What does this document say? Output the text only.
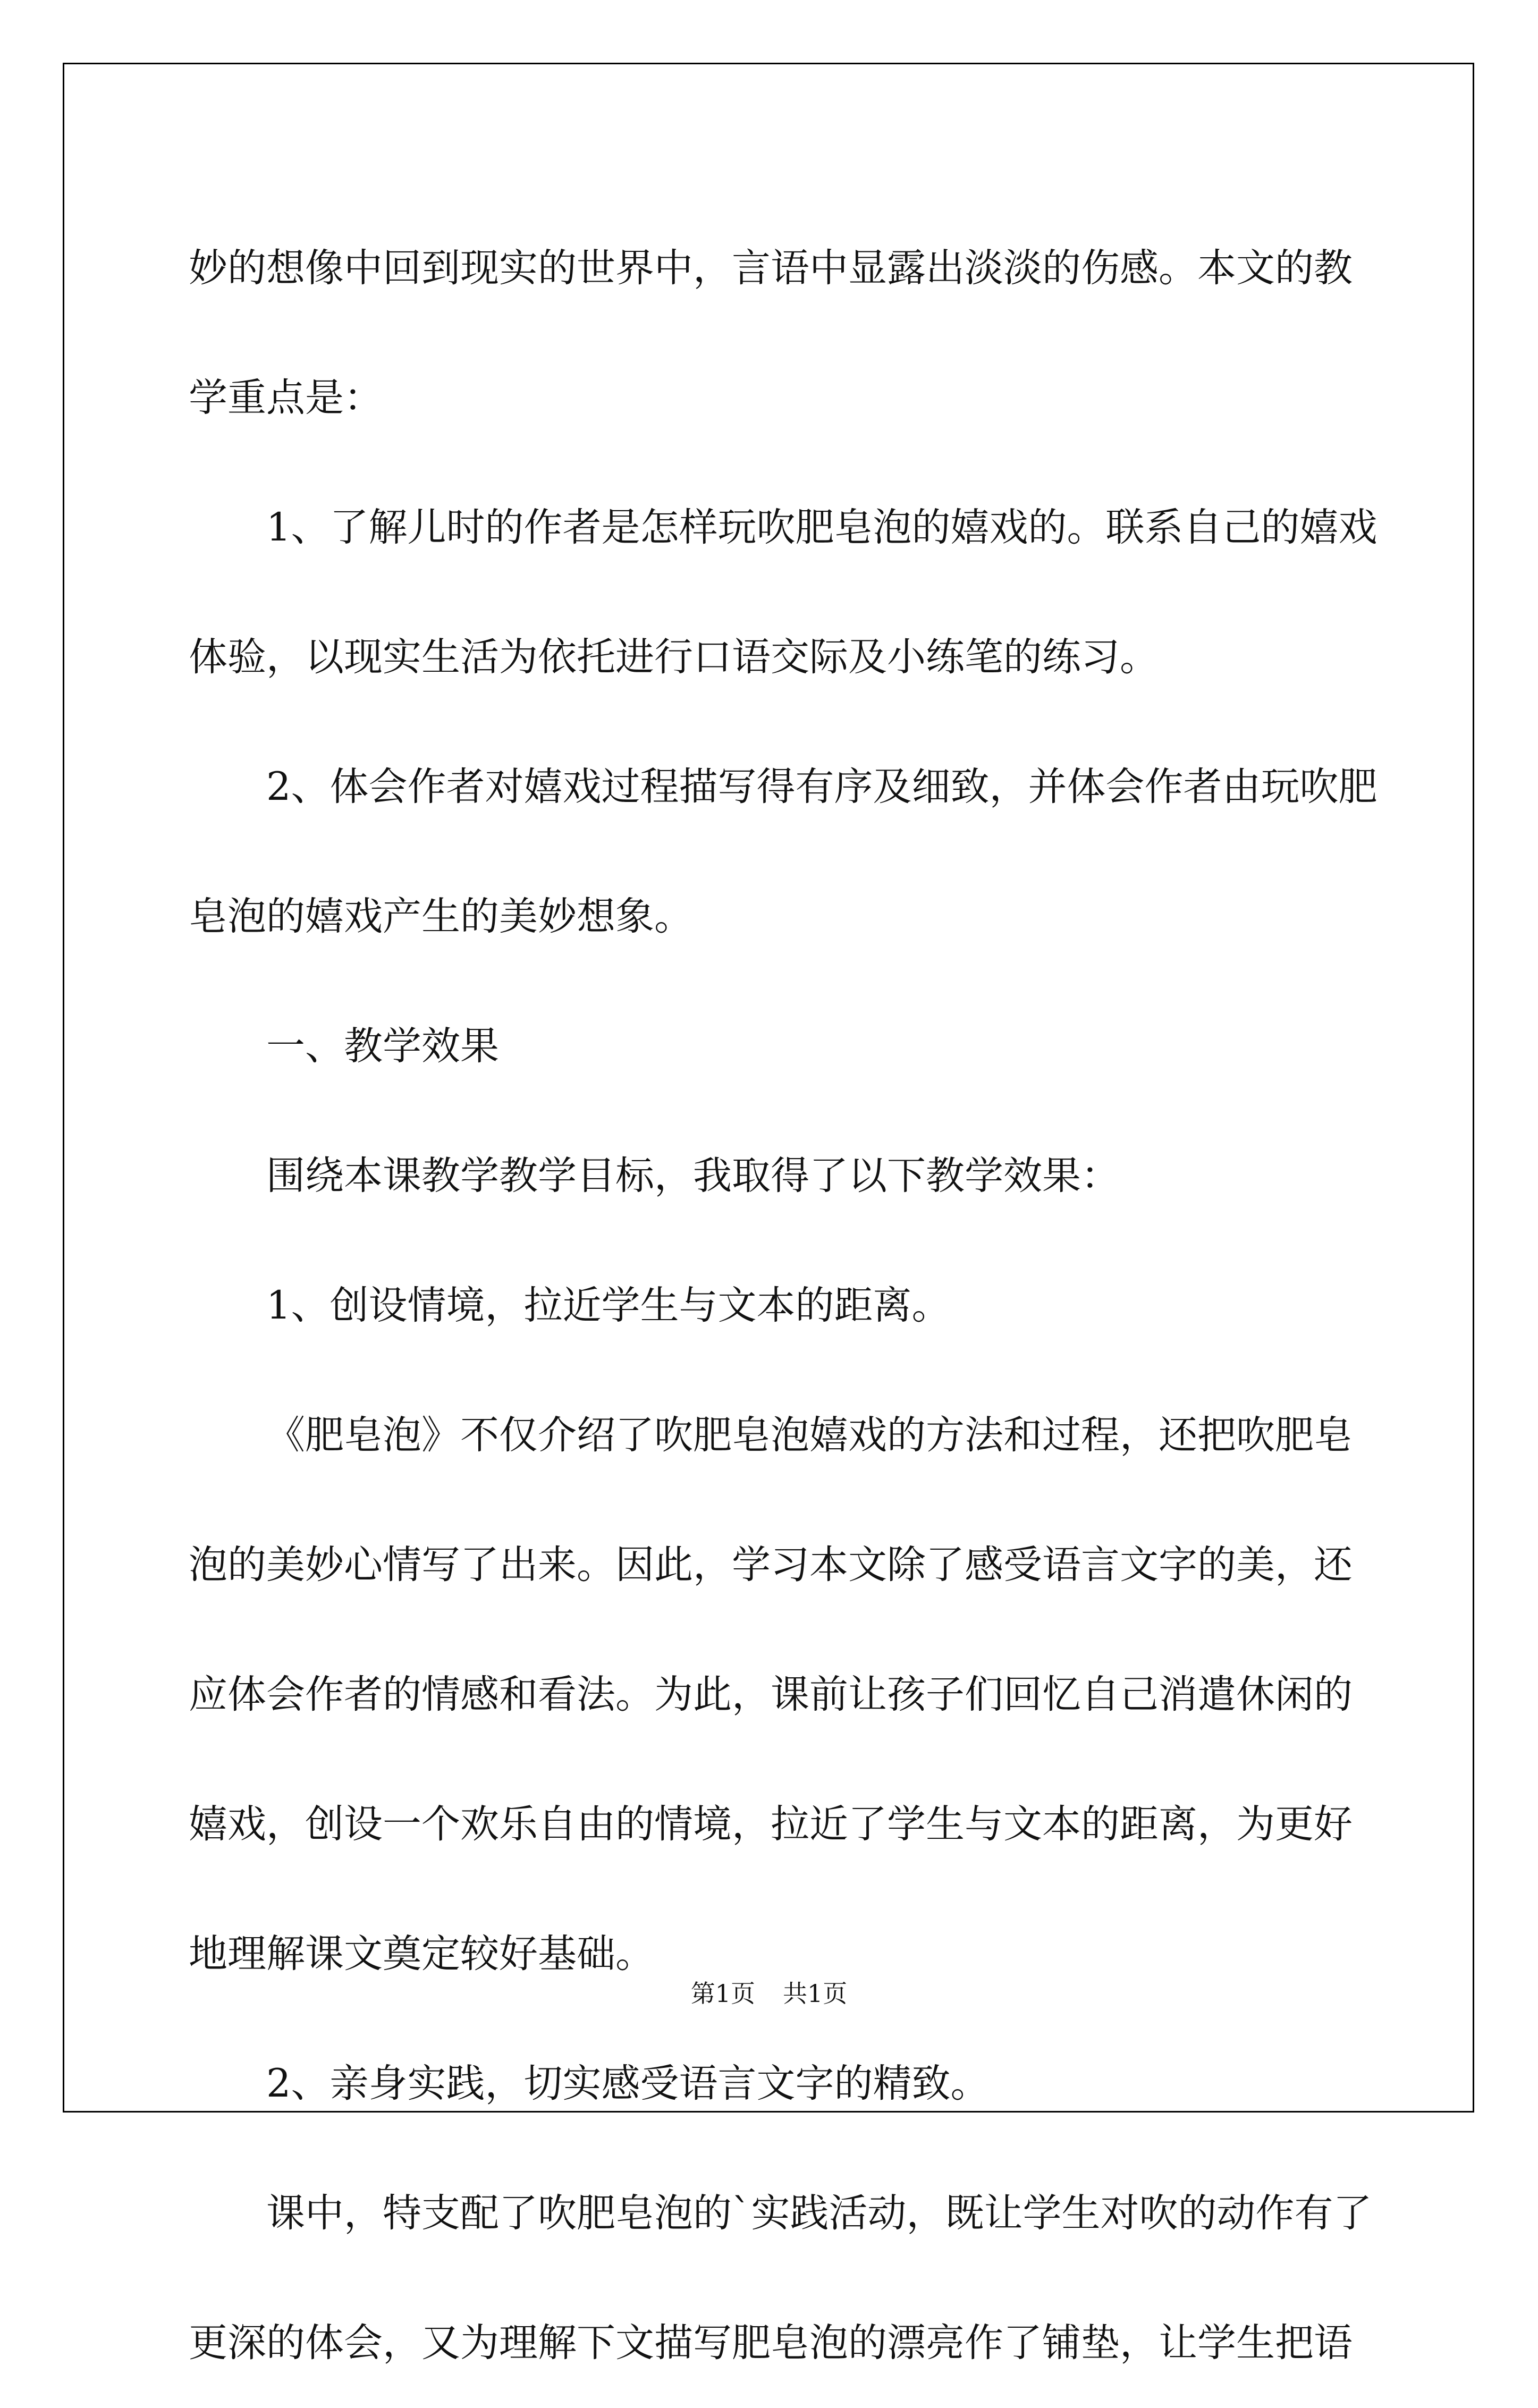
妙的想像中回到现实的世界中，言语中显露出淡淡的伤感。本文的教

学重点是：

1、了解儿时的作者是怎样玩吹肥皂泡的嬉戏的。联系自己的嬉戏

体验，以现实生活为依托进行口语交际及小练笔的练习。

2、体会作者对嬉戏过程描写得有序及细致，并体会作者由玩吹肥

皂泡的嬉戏产生的美妙想象。

一、教学效果

围绕本课教学教学目标，我取得了以下教学效果：

1、创设情境，拉近学生与文本的距离。

《肥皂泡》不仅介绍了吹肥皂泡嬉戏的方法和过程，还把吹肥皂

泡的美妙心情写了出来。因此，学习本文除了感受语言文字的美，还

应体会作者的情感和看法。为此，课前让孩子们回忆自己消遣休闲的

嬉戏，创设一个欢乐自由的情境，拉近了学生与文本的距离，为更好

地理解课文奠定较好基础。

2、亲身实践，切实感受语言文字的精致。

课中，特支配了吹肥皂泡的`实践活动，既让学生对吹的动作有了

更深的体会，又为理解下文描写肥皂泡的漂亮作了铺垫，让学生把语

第1页 共1页
